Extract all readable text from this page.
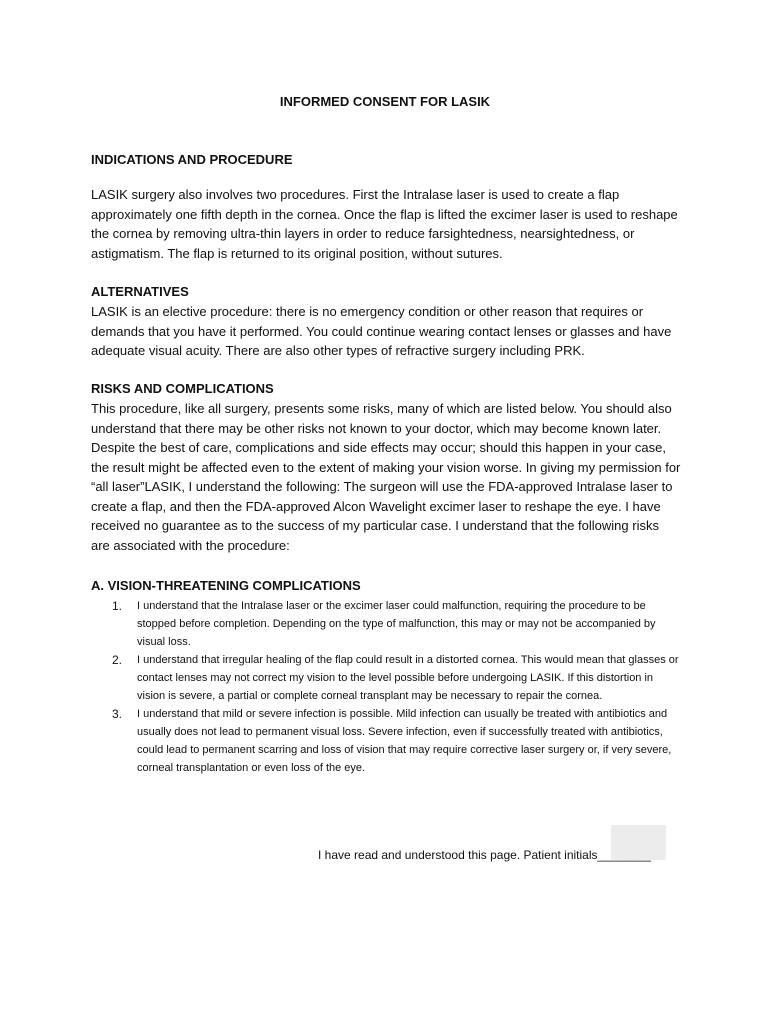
INFORMED CONSENT FOR LASIK
INDICATIONS AND PROCEDURE

LASIK surgery also involves two procedures. First the Intralase laser is used to create a flap approximately one fifth depth in the cornea. Once the flap is lifted the excimer laser is used to reshape the cornea by removing ultra-thin layers in order to reduce farsightedness, nearsightedness, or astigmatism. The flap is returned to its original position, without sutures.

ALTERNATIVES

LASIK is an elective procedure: there is no emergency condition or other reason that requires or demands that you have it performed. You could continue wearing contact lenses or glasses and have adequate visual acuity. There are also other types of refractive surgery including PRK.

RISKS AND COMPLICATIONS

This procedure, like all surgery, presents some risks, many of which are listed below. You should also understand that there may be other risks not known to your doctor, which may become known later. Despite the best of care, complications and side effects may occur; should this happen in your case, the result might be affected even to the extent of making your vision worse. In giving my permission for “all laser”LASIK, I understand the following: The surgeon will use the FDA-approved Intralase laser to create a flap, and then the FDA-approved Alcon Wavelight excimer laser to reshape the eye. I have received no guarantee as to the success of my particular case. I understand that the following risks are associated with the procedure:

A. VISION-THREATENING COMPLICATIONS
1. I understand that the Intralase laser or the excimer laser could malfunction, requiring the procedure to be stopped before completion. Depending on the type of malfunction, this may or may not be accompanied by visual loss.
2. I understand that irregular healing of the flap could result in a distorted cornea. This would mean that glasses or contact lenses may not correct my vision to the level possible before undergoing LASIK. If this distortion in vision is severe, a partial or complete corneal transplant may be necessary to repair the cornea.
3. I understand that mild or severe infection is possible. Mild infection can usually be treated with antibiotics and usually does not lead to permanent visual loss. Severe infection, even if successfully treated with antibiotics, could lead to permanent scarring and loss of vision that may require corrective laser surgery or, if very severe, corneal transplantation or even loss of the eye.

I have read and understood this page. Patient initials________
